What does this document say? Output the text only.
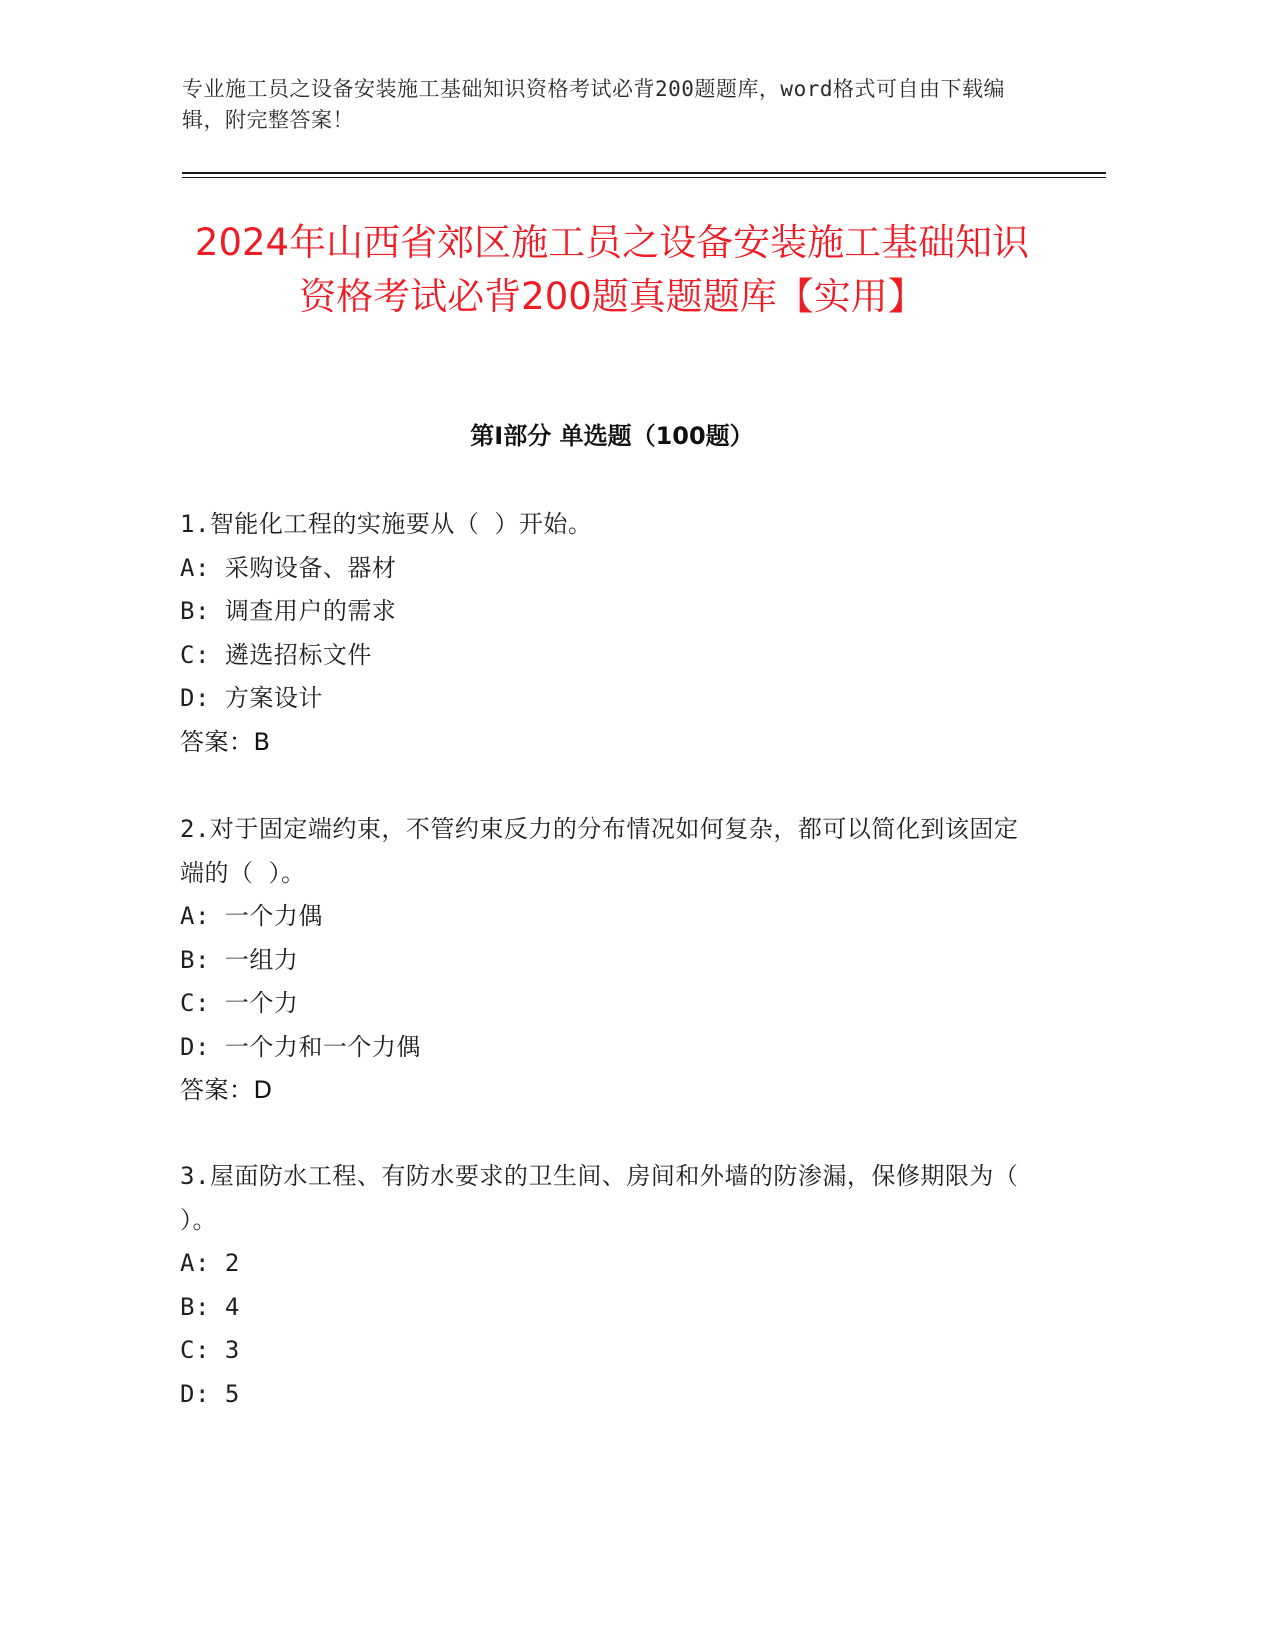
专业施工员之设备安装施工基础知识资格考试必背200题题库，word格式可自由下载编辑，附完整答案！
2024年山西省郊区施工员之设备安装施工基础知识资格考试必背200题真题题库【实用】
第Ⅰ部分 单选题（100题）
1.智能化工程的实施要从（ ）开始。
A: 采购设备、器材
B: 调查用户的需求
C: 遴选招标文件
D: 方案设计
答案：B
2.对于固定端约束，不管约束反力的分布情况如何复杂，都可以简化到该固定端的（ ）。
A: 一个力偶
B: 一组力
C: 一个力
D: 一个力和一个力偶
答案：D
3.屋面防水工程、有防水要求的卫生间、房间和外墙的防渗漏，保修期限为（ ）。
A: 2
B: 4
C: 3
D: 5
